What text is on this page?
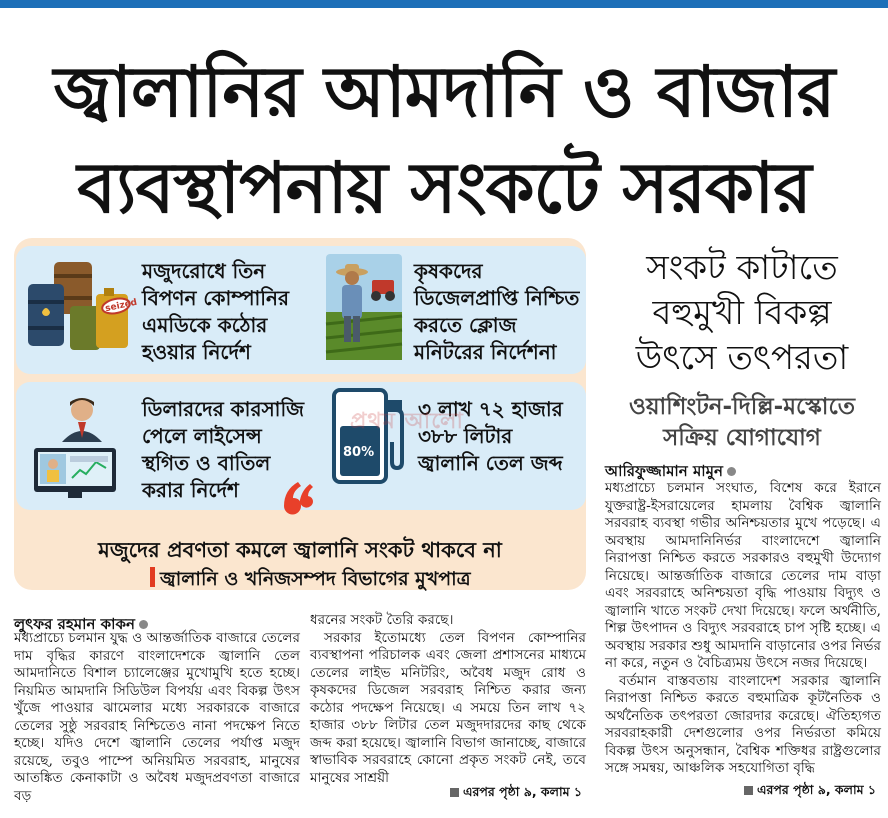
জ্বালানির আমদানি ও বাজার
ব্যবস্থাপনায় সংকটে সরকার
seized
মজুদরোধে তিন
বিপণন কোম্পানির
এমডিকে কঠোর
হওয়ার নির্দেশ
কৃষকদের
ডিজেলপ্রাপ্তি নিশ্চিত
করতে ক্লোজ
মনিটরের নির্দেশনা
ডিলারদের কারসাজি
পেলে লাইসেন্স
স্থগিত ও বাতিল
করার নির্দেশ
80%
৩ লাখ ৭২ হাজার
৩৮৮ লিটার
জ্বালানি তেল জব্দ
প্রথম আলো
মজুদের প্রবণতা কমলে জ্বালানি সংকট থাকবে না
জ্বালানি ও খনিজসম্পদ বিভাগের মুখপাত্র
সংকট কাটাতে
বহুমুখী বিকল্প
উৎসে তৎপরতা
ওয়াশিংটন-দিল্লি-মস্কোতে
সক্রিয় যোগাযোগ
আরিফুজ্জামান মামুন

মধ্যপ্রাচ্যে চলমান সংঘাত, বিশেষ করে ইরানে যুক্তরাষ্ট্র-ইসরায়েলের হামলায় বৈশ্বিক জ্বালানি সরবরাহ ব্যবস্থা গভীর অনিশ্চয়তার মুখে পড়েছে। এ অবস্থায় আমদানিনির্ভর বাংলাদেশে জ্বালানি নিরাপত্তা নিশ্চিত করতে সরকারও বহুমুখী উদ্যোগ নিয়েছে। আন্তর্জাতিক বাজারে তেলের দাম বাড়া এবং সরবরাহে অনিশ্চয়তা বৃদ্ধি পাওয়ায় বিদ্যুৎ ও জ্বালানি খাতে সংকট দেখা দিয়েছে। ফলে অর্থনীতি, শিল্প উৎপাদন ও বিদ্যুৎ সরবরাহে চাপ সৃষ্টি হচ্ছে। এ অবস্থায় সরকার শুধু আমদানি বাড়ানোর ওপর নির্ভর না করে, নতুন ও বৈচিত্র্যময় উৎসে নজর দিয়েছে।

বর্তমান বাস্তবতায় বাংলাদেশ সরকার জ্বালানি নিরাপত্তা নিশ্চিত করতে বহুমাত্রিক কূটনৈতিক ও অর্থনৈতিক তৎপরতা জোরদার করেছে। ঐতিহ্যগত সরবরাহকারী দেশগুলোর ওপর নির্ভরতা কমিয়ে বিকল্প উৎস অনুসন্ধান, বৈশ্বিক শক্তিধর রাষ্ট্রগুলোর সঙ্গে সমন্বয়, আঞ্চলিক সহযোগিতা বৃদ্ধি

এরপর পৃষ্ঠা ৯, কলাম ১
লুৎফর রহমান কাকন

মধ্যপ্রাচ্যে চলমান যুদ্ধ ও আন্তর্জাতিক বাজারে তেলের দাম বৃদ্ধির কারণে বাংলাদেশকে জ্বালানি তেল আমদানিতে বিশাল চ্যালেঞ্জের মুখোমুখি হতে হচ্ছে। নিয়মিত আমদানি সিডিউল বিপর্যয় এবং বিকল্প উৎস খুঁজে পাওয়ার ঝামেলার মধ্যে সরকারকে বাজারে তেলের সুষ্ঠু সরবরাহ নিশ্চিতেও নানা পদক্ষেপ নিতে হচ্ছে। যদিও দেশে জ্বালানি তেলের পর্যাপ্ত মজুদ রয়েছে, তবুও পাম্পে অনিয়মিত সরবরাহ, মানুষের আতঙ্কিত কেনাকাটা ও অবৈধ মজুদপ্রবণতা বাজারে বড়

ধরনের সংকট তৈরি করছে।

সরকার ইতোমধ্যে তেল বিপণন কোম্পানির ব্যবস্থাপনা পরিচালক এবং জেলা প্রশাসনের মাধ্যমে তেলের লাইভ মনিটরিং, অবৈধ মজুদ রোধ ও কৃষকদের ডিজেল সরবরাহ নিশ্চিত করার জন্য কঠোর পদক্ষেপ নিয়েছে। এ সময়ে তিন লাখ ৭২ হাজার ৩৮৮ লিটার তেল মজুদদারদের কাছ থেকে জব্দ করা হয়েছে। জ্বালানি বিভাগ জানাচ্ছে, বাজারে স্বাভাবিক সরবরাহে কোনো প্রকৃত সংকট নেই, তবে মানুষের সাশ্রয়ী

এরপর পৃষ্ঠা ৯, কলাম ১
